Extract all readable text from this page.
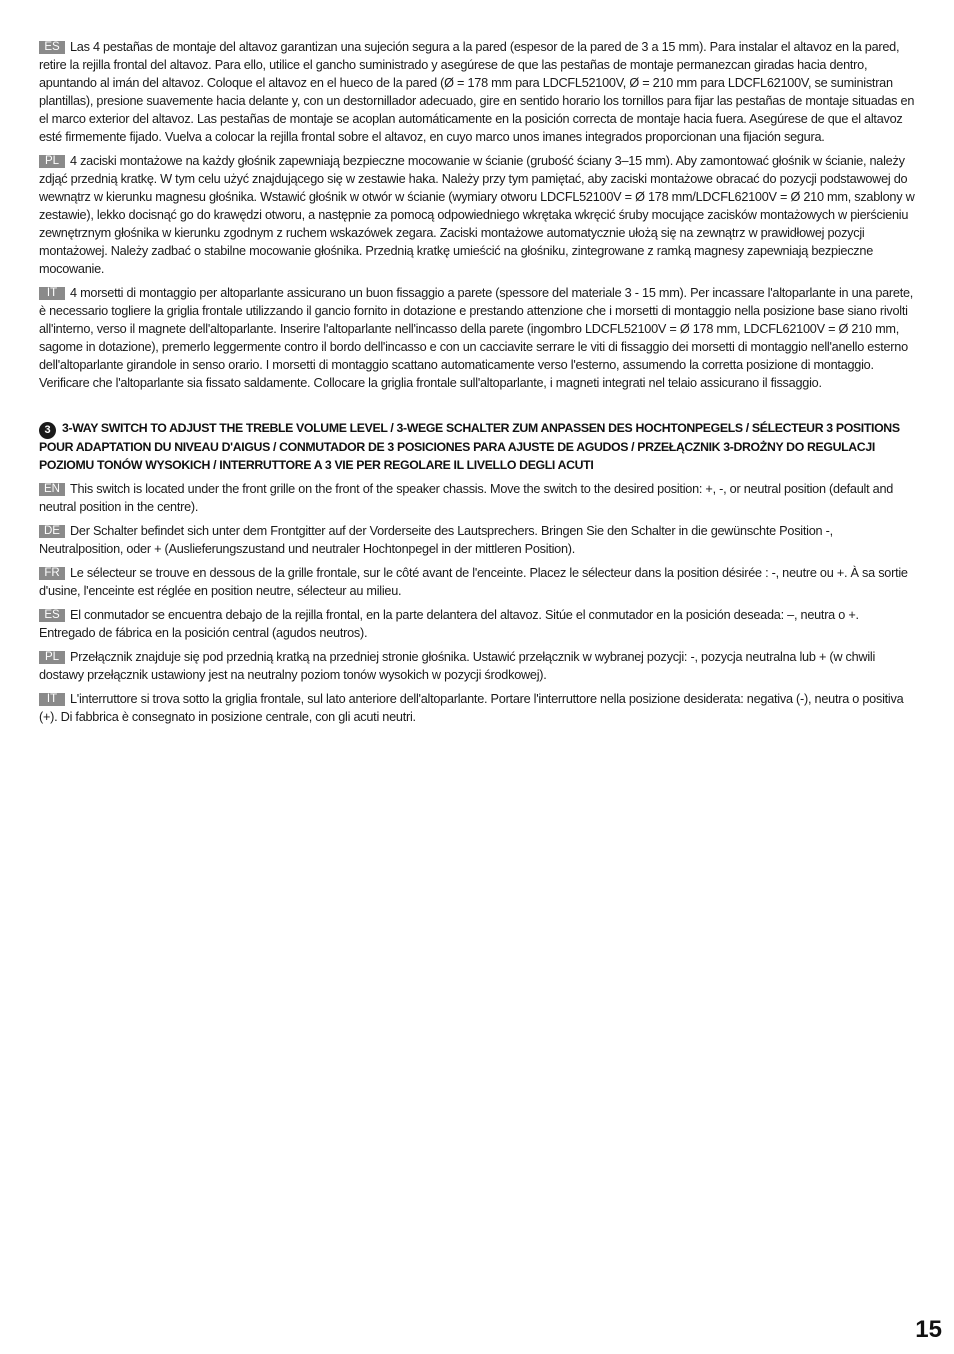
ES Las 4 pestañas de montaje del altavoz garantizan una sujeción segura a la pared (espesor de la pared de 3 a 15 mm). Para instalar el altavoz en la pared, retire la rejilla frontal del altavoz. Para ello, utilice el gancho suministrado y asegúrese de que las pestañas de montaje permanezcan giradas hacia dentro, apuntando al imán del altavoz. Coloque el altavoz en el hueco de la pared (Ø = 178 mm para LDCFL52100V, Ø = 210 mm para LDCFL62100V, se suministran plantillas), presione suavemente hacia delante y, con un destornillador adecuado, gire en sentido horario los tornillos para fijar las pestañas de montaje situadas en el marco exterior del altavoz. Las pestañas de montaje se acoplan automáticamente en la posición correcta de montaje hacia fuera. Asegúrese de que el altavoz esté firmemente fijado. Vuelva a colocar la rejilla frontal sobre el altavoz, en cuyo marco unos imanes integrados proporcionan una fijación segura.

PL 4 zaciski montażowe na każdy głośnik zapewniają bezpieczne mocowanie w ścianie (grubość ściany 3–15 mm). Aby zamontować głośnik w ścianie, należy zdjąć przednią kratkę. W tym celu użyć znajdującego się w zestawie haka. Należy przy tym pamiętać, aby zaciski montażowe obracać do pozycji podstawowej do wewnątrz w kierunku magnesu głośnika. Wstawić głośnik w otwór w ścianie (wymiary otworu LDCFL52100V = Ø 178 mm/LDCFL62100V = Ø 210 mm, szablony w zestawie), lekko docisnąć go do krawędzi otworu, a następnie za pomocą odpowiedniego wkrętaka wkręcić śruby mocujące zacisków montażowych w pierścieniu zewnętrznym głośnika w kierunku zgodnym z ruchem wskazówek zegara. Zaciski montażowe automatycznie ułożą się na zewnątrz w prawidłowej pozycji montażowej. Należy zadbać o stabilne mocowanie głośnika. Przednią kratkę umieścić na głośniku, zintegrowane z ramką magnesy zapewniają bezpieczne mocowanie.

IT 4 morsetti di montaggio per altoparlante assicurano un buon fissaggio a parete (spessore del materiale 3 - 15 mm). Per incassare l'altoparlante in una parete, è necessario togliere la griglia frontale utilizzando il gancio fornito in dotazione e prestando attenzione che i morsetti di montaggio nella posizione base siano rivolti all'interno, verso il magnete dell'altoparlante. Inserire l'altoparlante nell'incasso della parete (ingombro LDCFL52100V = Ø 178 mm, LDCFL62100V = Ø 210 mm, sagome in dotazione), premerlo leggermente contro il bordo dell'incasso e con un cacciavite serrare le viti di fissaggio dei morsetti di montaggio nell'anello esterno dell'altoparlante girandole in senso orario. I morsetti di montaggio scattano automaticamente verso l'esterno, assumendo la corretta posizione di montaggio. Verificare che l'altoparlante sia fissato saldamente. Collocare la griglia frontale sull'altoparlante, i magneti integrati nel telaio assicurano il fissaggio.

3 3-WAY SWITCH TO ADJUST THE TREBLE VOLUME LEVEL / 3-WEGE SCHALTER ZUM ANPASSEN DES HOCHTONPEGELS / SÉLECTEUR 3 POSITIONS POUR ADAPTATION DU NIVEAU D'AIGUS / CONMUTADOR DE 3 POSICIONES PARA AJUSTE DE AGUDOS / PRZEŁĄCZNIK 3-DROŻNY DO REGULACJI POZIOMU TONÓW WYSOKICH / INTERRUTTORE A 3 VIE PER REGOLARE IL LIVELLO DEGLI ACUTI

EN This switch is located under the front grille on the front of the speaker chassis. Move the switch to the desired position: +, -, or neutral position (default and neutral position in the centre).

DE Der Schalter befindet sich unter dem Frontgitter auf der Vorderseite des Lautsprechers. Bringen Sie den Schalter in die gewünschte Position -, Neutralposition, oder + (Auslieferungszustand und neutraler Hochtonpegel in der mittleren Position).

FR Le sélecteur se trouve en dessous de la grille frontale, sur le côté avant de l'enceinte. Placez le sélecteur dans la position désirée : -, neutre ou +. À sa sortie d'usine, l'enceinte est réglée en position neutre, sélecteur au milieu.

ES El conmutador se encuentra debajo de la rejilla frontal, en la parte delantera del altavoz. Sitúe el conmutador en la posición deseada: –, neutra o +. Entregado de fábrica en la posición central (agudos neutros).

PL Przełącznik znajduje się pod przednią kratką na przedniej stronie głośnika. Ustawić przełącznik w wybranej pozycji: -, pozycja neutralna lub + (w chwili dostawy przełącznik ustawiony jest na neutralny poziom tonów wysokich w pozycji środkowej).

IT L'interruttore si trova sotto la griglia frontale, sul lato anteriore dell'altoparlante. Portare l'interruttore nella posizione desiderata: negativa (-), neutra o positiva (+). Di fabbrica è consegnato in posizione centrale, con gli acuti neutri.

15
